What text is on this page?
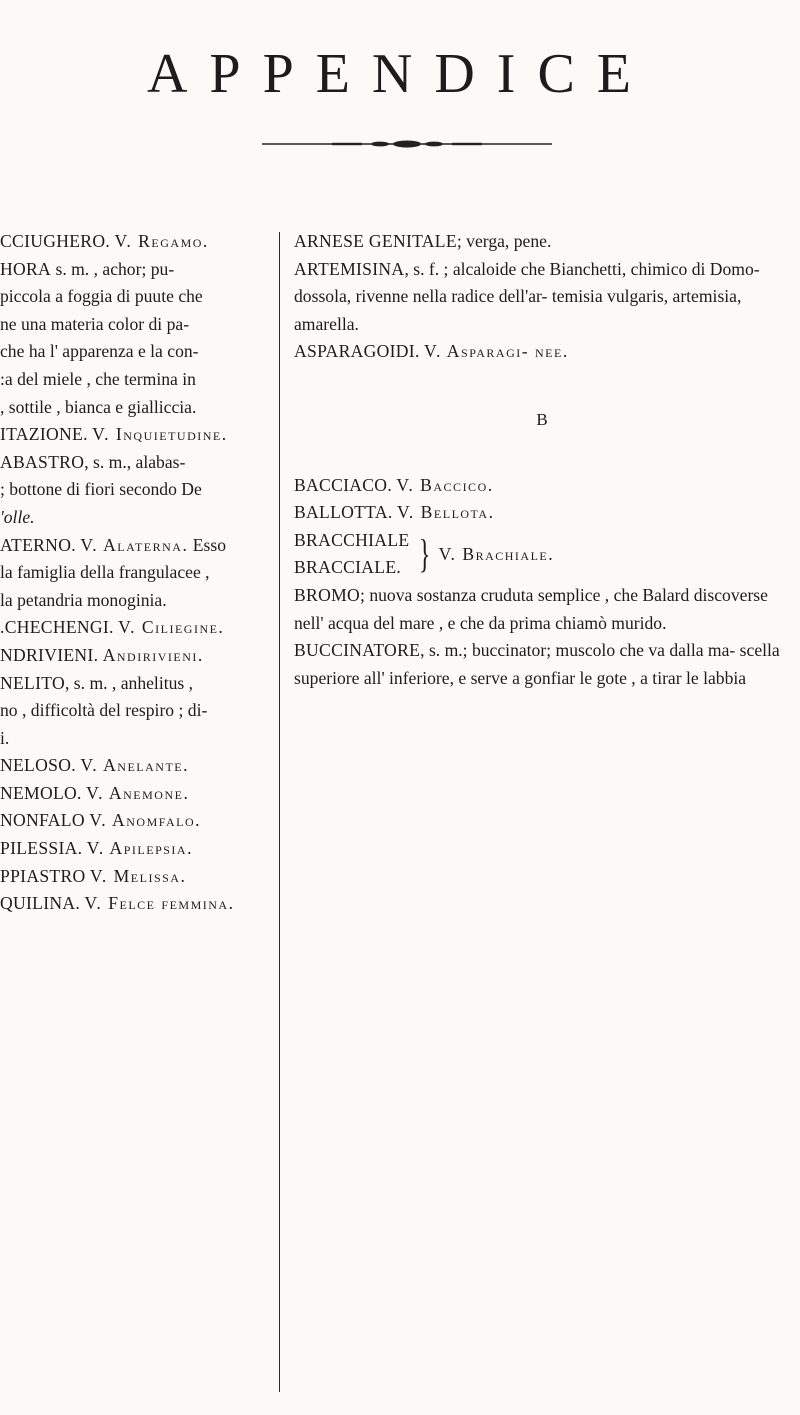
APPENDICE

CCIUGHERO. V. Regamo.

HORA s. m. , achor; pu-

piccola a foggia di puute che

ne una materia color di pa-

che ha l' apparenza e la con-

:a del miele , che termina in

, sottile , bianca e gialliccia.

ITAZIONE. V. Inquietudine.

ABASTRO, s. m., alabas-

; bottone di fiori secondo De

'olle.

ATERNO. V. Alaterna. Esso

la famiglia della frangulacee ,

la petandria monoginia.

.CHECHENGI. V. Ciliegine.

NDRIVIENI. Andirivieni.

NELITO, s. m. , anhelitus ,

no , difficoltà del respiro ; di-

i.

NELOSO. V. Anelante.

NEMOLO. V. Anemone.

NONFALO V. Anomfalo.

PILESSIA. V. Apilepsia.

PPIASTRO V. Melissa.

QUILINA. V. Felce femmina.

ARNESE GENITALE; verga, pene.

ARTEMISINA, s. f. ; alcaloide che Bianchetti, chimico di Domo- dossola, rivenne nella radice dell'ar- temisia vulgaris, artemisia, amarella.

ASPARAGOIDI. V. Asparagi- nee.

B

BACCIACO. V. Baccico.

BALLOTTA. V. Bellota.

BRACCHIALE
BRACCIALE. } V. Brachiale.

BROMO; nuova sostanza cruduta semplice , che Balard discoverse nell' acqua del mare , e che da prima chiamò murido.

BUCCINATORE, s. m.; buccinator; muscolo che va dalla ma- scella superiore all' inferiore, e serve a gonfiar le gote , a tirar le labbia
